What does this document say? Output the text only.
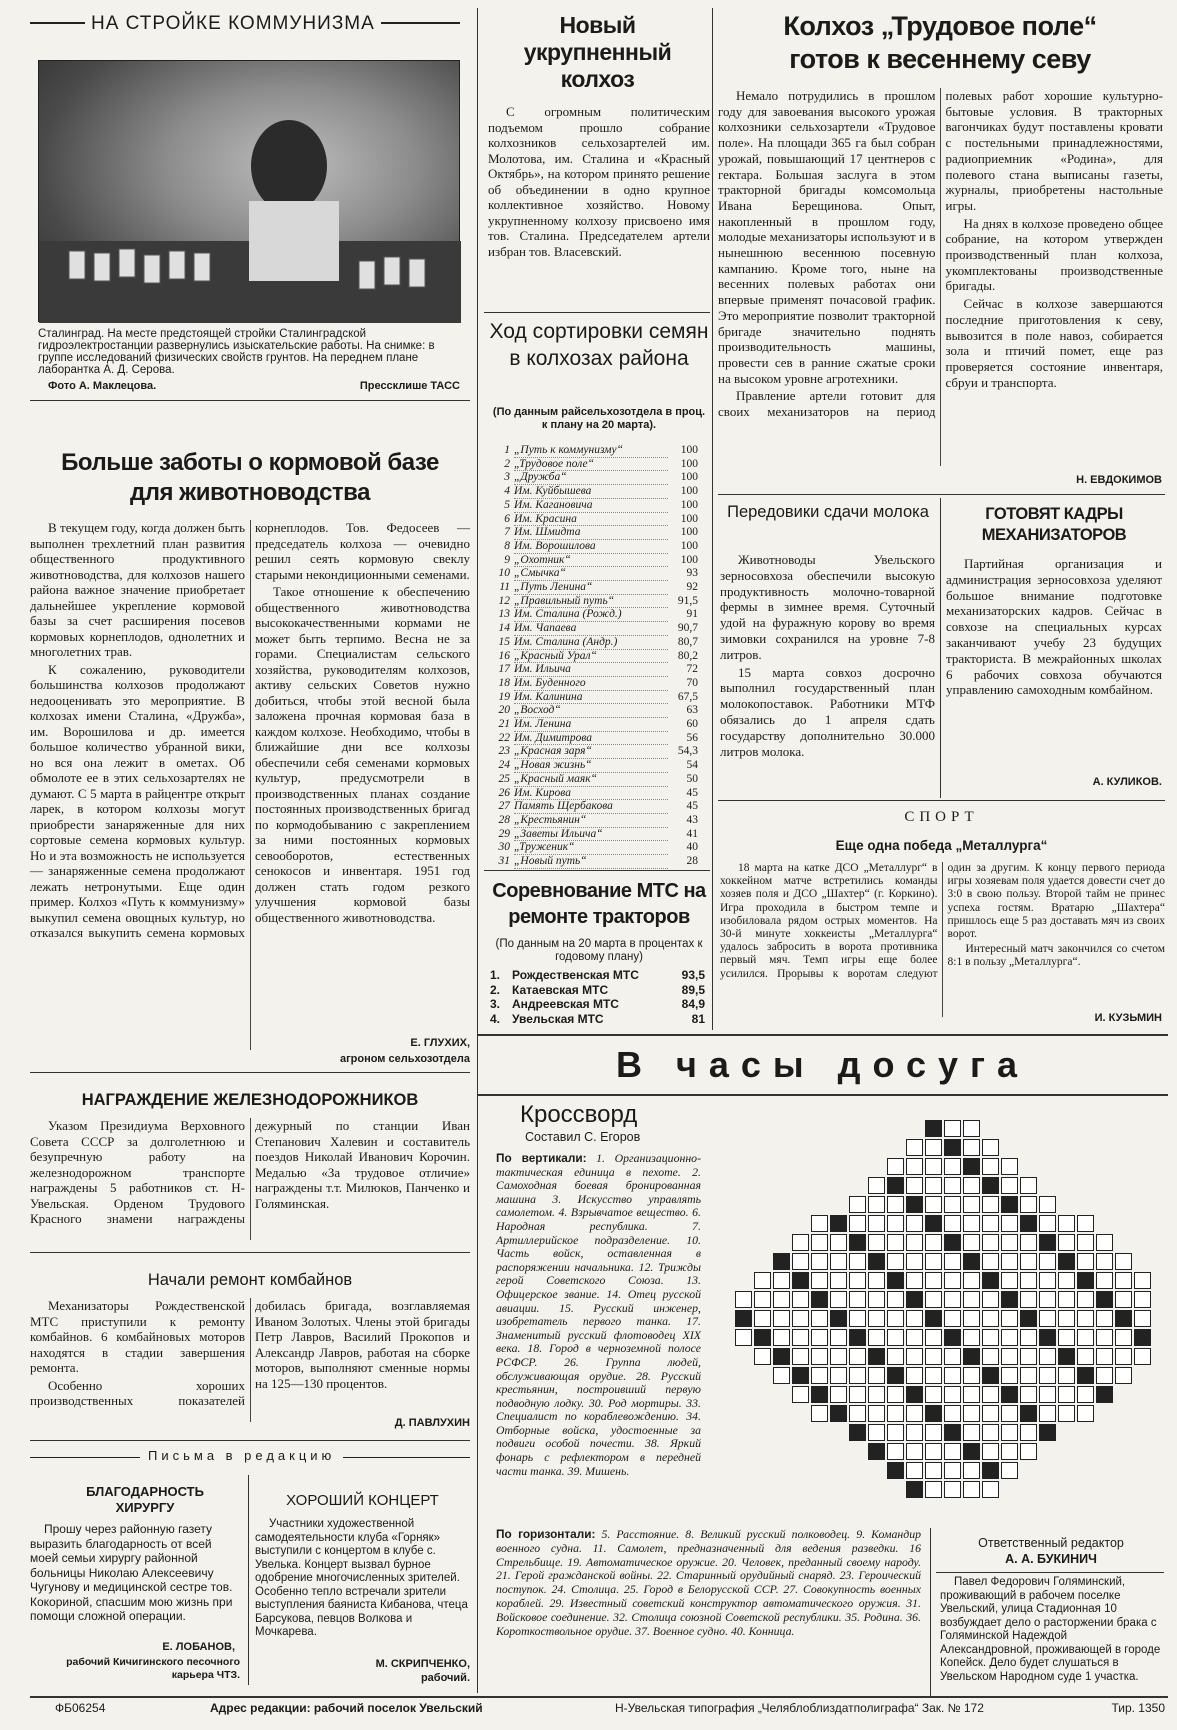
НА СТРОЙКЕ КОММУНИЗМА
Сталинград. На месте предстоящей стройки Сталинградской гидроэлектростанции развернулись изыскательские работы. На снимке: в группе исследований физических свойств грунтов. На переднем плане лаборантка А. Д. Серова.
Фото А. Маклецова.	Прессклише ТАСС
Больше заботы о кормовой базе для животноводства

В текущем году, когда должен быть выполнен трехлетний план развития общественного продуктивного животноводства, для колхозов нашего района важное значение приобретает дальнейшее укрепление кормовой базы за счет расширения посевов кормовых корнеплодов, однолетних и многолетних трав.

К сожалению, руководители большинства колхозов продолжают недооценивать это мероприятие. В колхозах имени Сталина, «Дружба», им. Ворошилова и др. имеется большое количество убранной вики, но вся она лежит в ометах. Об обмолоте ее в этих сельхозартелях не думают. С 5 марта в райцентре открыт ларек, в котором колхозы могут приобрести занаряженные для них сортовые семена кормовых культур. Но и эта возможность не используется — занаряженные семена продолжают лежать нетронутыми. Еще один пример. Колхоз «Путь к коммунизму» выкупил семена овощных культур, но отказался выкупить семена кормовых корнеплодов. Тов. Федосеев — председатель колхоза — очевидно решил сеять кормовую свеклу старыми некондиционными семенами.

Такое отношение к обеспечению общественного животноводства высококачественными кормами не может быть терпимо. Весна не за горами. Специалистам сельского хозяйства, руководителям колхозов, активу сельских Советов нужно добиться, чтобы этой весной была заложена прочная кормовая база в каждом колхозе. Необходимо, чтобы в ближайшие дни все колхозы обеспечили себя семенами кормовых культур, предусмотрели в производственных планах создание постоянных производственных бригад по кормодобыванию с закреплением за ними постоянных кормовых севооборотов, естественных сенокосов и инвентаря. 1951 год должен стать годом резкого улучшения кормовой базы общественного животноводства.

Е. ГЛУХИХ,
агроном сельхозотдела
НАГРАЖДЕНИЕ ЖЕЛЕЗНОДОРОЖНИКОВ
Указом Президиума Верховного Совета СССР за долголетнюю и безупречную работу на железнодорожном транспорте награждены 5 работников ст. Н-Увельская. Орденом Трудового Красного знамени награждены дежурный по станции Иван Степанович Халевин и составитель поездов Николай Иванович Корочин. Медалью «За трудовое отличие» награждены т.т. Милюков, Панченко и Голяминская.
Начали ремонт комбайнов

Механизаторы Рождественской МТС приступили к ремонту комбайнов. 6 комбайновых моторов находятся в стадии завершения ремонта.

Особенно хороших производственных показателей добилась бригада, возглавляемая Иваном Золотых. Члены этой бригады Петр Лавров, Василий Прокопов и Александр Лавров, работая на сборке моторов, выполняют сменные нормы на 125—130 процентов.

Д. ПАВЛУХИН
Письма в редакцию
БЛАГОДАРНОСТЬ ХИРУРГУ
Прошу через районную газету выразить благодарность от всей моей семьи хирургу районной больницы Николаю Алексеевичу Чугунову и медицинской сестре тов. Кокориной, спасшим мою жизнь при помощи сложной операции.
Е. ЛОБАНОВ,
рабочий Кичигинского песочного карьера ЧТЗ.
ХОРОШИЙ КОНЦЕРТ
Участники художественной самодеятельности клуба «Горняк» выступили с концертом в клубе с. Увелька. Концерт вызвал бурное одобрение многочисленных зрителей. Особенно тепло встречали зрители выступления баяниста Кибанова, чтеца Барсукова, певцов Волкова и Мочкарева.
М. СКРИПЧЕНКО,
рабочий.
Новый укрупненный колхоз
С огромным политическим подъемом прошло собрание колхозников сельхозартелей им. Молотова, им. Сталина и «Красный Октябрь», на котором принято решение об объединении в одно крупное коллективное хозяйство. Новому укрупненному колхозу присвоено имя тов. Сталина. Председателем артели избран тов. Власевский.
Ход сортировки семян в колхозах района
(По данным райсельхозотдела в проц. к плану на 20 марта).
1 „Путь к коммунизму“	100
2 „Трудовое поле“	100
3 „Дружба“	100
4 Им. Куйбышева	100
5 Им. Кагановича	100
6 Им. Красина	100
7 Им. Шмидта	100
8 Им. Ворошилова	100
9 „Охотник“	100
10 „Смычка“	93
11 „Путь Ленина“	92
12 „Правильный путь“	91,5
13 Им. Сталина (Рожд.)	91
14 Им. Чапаева	90,7
15 Им. Сталина (Андр.)	80,7
16 „Красный Урал“	80,2
17 Им. Ильича	72
18 Им. Буденного	70
19 Им. Калинина	67,5
20 „Восход“	63
21 Им. Ленина	60
22 Им. Димитрова	56
23 „Красная заря“	54,3
24 „Новая жизнь“	54
25 „Красный маяк“	50
26 Им. Кирова	45
27 Память Щербакова	45
28 „Крестьянин“	43
29 „Заветы Ильича“	41
30 „Труженик“	40
31 „Новый путь“	28
Соревнование МТС на ремонте тракторов
(По данным на 20 марта в процентах к годовому плану)
1. Рождественская МТС	93,5
2. Катаевская МТС	89,5
3. Андреевская МТС	84,9
4. Увельская МТС	81
Колхоз „Трудовое поле“
готов к весеннему севу

Немало потрудились в прошлом году для завоевания высокого урожая колхозники сельхозартели «Трудовое поле». На площади 365 га был собран урожай, повышающий 17 центнеров с гектара. Большая заслуга в этом тракторной бригады комсомольца Ивана Берещинова. Опыт, накопленный в прошлом году, молодые механизаторы используют и в нынешнюю весеннюю посевную кампанию. Кроме того, ныне на весенних полевых работах они впервые применят почасовой график. Это мероприятие позволит тракторной бригаде значительно поднять производительность машины, провести сев в ранние сжатые сроки на высоком уровне агротехники.

Правление артели готовит для своих механизаторов на период полевых работ хорошие культурно-бытовые условия. В тракторных вагончиках будут поставлены кровати с постельными принадлежностями, радиоприемник «Родина», для полевого стана выписаны газеты, журналы, приобретены настольные игры.

На днях в колхозе проведено общее собрание, на котором утвержден производственный план колхоза, укомплектованы производственные бригады.

Сейчас в колхозе завершаются последние приготовления к севу, вывозится в поле навоз, собирается зола и птичий помет, еще раз проверяется состояние инвентаря, сбруи и транспорта.

Н. ЕВДОКИМОВ
Передовики сдачи молока

Животноводы Увельского зерносовхоза обеспечили высокую продуктивность молочно-товарной фермы в зимнее время. Суточный удой на фуражную корову во время зимовки сохранился на уровне 7-8 литров.

15 марта совхоз досрочно выполнил государственный план молокопоставок. Работники МТФ обязались до 1 апреля сдать государству дополнительно 30.000 литров молока.

ГОТОВЯТ КАДРЫ МЕХАНИЗАТОРОВ
Партийная организация и администрация зерносовхоза уделяют большое внимание подготовке механизаторских кадров. Сейчас в совхозе на специальных курсах заканчивают учебу 23 будущих тракториста. В межрайонных школах 6 рабочих совхоза обучаются управлению самоходным комбайном.
А. КУЛИКОВ.
СПОРТ
Еще одна победа „Металлурга“

18 марта на катке ДСО „Металлург“ в хоккейном матче встретились команды хозяев поля и ДСО „Шахтер“ (г. Коркино). Игра проходила в быстром темпе и изобиловала рядом острых моментов. На 30-й минуте хоккеисты „Металлурга“ удалось забросить в ворота противника первый мяч. Темп игры еще более усилился. Прорывы к воротам следуют один за другим. К концу первого периода игры хозяевам поля удается довести счет до 3:0 в свою пользу. Второй тайм не принес успеха гостям. Вратарю „Шахтера“ пришлось еще 5 раз доставать мяч из своих ворот.

Интересный матч закончился со счетом 8:1 в пользу „Металлурга“.

И. КУЗЬМИН
В часы досуга
Кроссворд
Составил С. Егоров
По вертикали: 1. Организационно-тактическая единица в пехоте. 2. Самоходная боевая бронированная машина 3. Искусство управлять самолетом. 4. Взрывчатое вещество. 6. Народная республика. 7. Артиллерийское подразделение. 10. Часть войск, оставленная в распоряжении начальника. 12. Трижды герой Советского Союза. 13. Офицерское звание. 14. Отец русской авиации. 15. Русский инженер, изобретатель первого танка. 17. Знаменитый русский флотоводец XIX века. 18. Город в черноземной полосе РСФСР. 26. Группа людей, обслуживающая орудие. 28. Русский крестьянин, построивший первую подводную лодку. 30. Род мортиры. 33. Специалист по кораблевождению. 34. Отборные войска, удостоенные за подвиги особой почести. 38. Яркий фонарь с рефлектором в передней части танка. 39. Мишень.
По горизонтали: 5. Расстояние. 8. Великий русский полководец. 9. Командир военного судна. 11. Самолет, предназначенный для ведения разведки. 16 Стрельбище. 19. Автоматическое оружие. 20. Человек, преданный своему народу. 21. Герой гражданской войны. 22. Старинный орудийный снаряд. 23. Героический поступок. 24. Столица. 25. Город в Белорусской ССР. 27. Совокупность военных кораблей. 29. Известный советский конструктор автоматического оружия. 31. Войсковое соединение. 32. Столица союзной Советской республики. 35. Родина. 36. Короткоствольное орудие. 37. Военное судно. 40. Конница.
Ответственный редактор
А. А. БУКИНИЧ
Павел Федорович Голяминский, проживающий в рабочем поселке Увельский, улица Стадионная 10 возбуждает дело о расторжении брака с Голяминской Надеждой Александровной, проживающей в городе Копейск. Дело будет слушаться в Увельском Народном суде 1 участка.
ФБ06254	Адрес редакции: рабочий поселок Увельский	Н-Увельская типография „Челяблоблиздатполиграфа“ Зак. № 172	Тир. 1350
